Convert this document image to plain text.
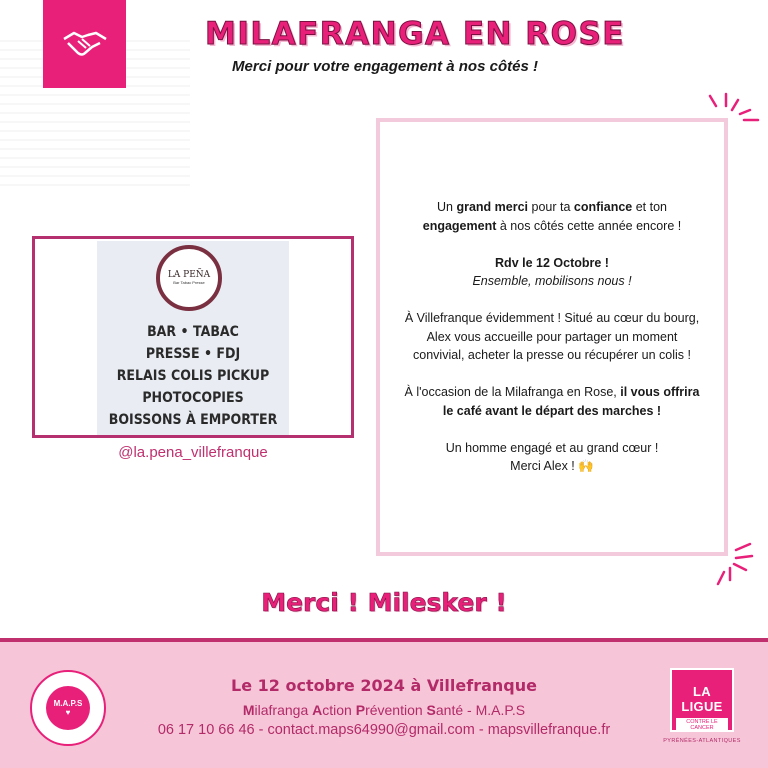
MILAFRANGA EN ROSE
Merci pour votre engagement à nos côtés !

Un grand merci pour ta confiance et ton engagement à nos côtés cette année encore !

Rdv le 12 Octobre !
Ensemble, mobilisons nous !

À Villefranque évidemment ! Situé au cœur du bourg, Alex vous accueille pour partager un moment convivial, acheter la presse ou récupérer un colis !

À l'occasion de la Milafranga en Rose, il vous offrira le café avant le départ des marches !

Un homme engagé et au grand cœur !
Merci Alex ! 🙌

LA PEÑA
Bar Tabac Presse
BAR • TABAC
PRESSE • FDJ
RELAIS COLIS PICKUP
PHOTOCOPIES
BOISSONS À EMPORTER
@la.pena_villefranque
Merci ! Milesker !
M.A.P.S
♥
Le 12 octobre 2024 à Villefranque
Milafranga Action Prévention Santé - M.A.P.S
06 17 10 66 46 - contact.maps64990@gmail.com - mapsvillefranque.fr
LA LIGUE
CONTRE LE CANCER
PYRÉNÉES-ATLANTIQUES
